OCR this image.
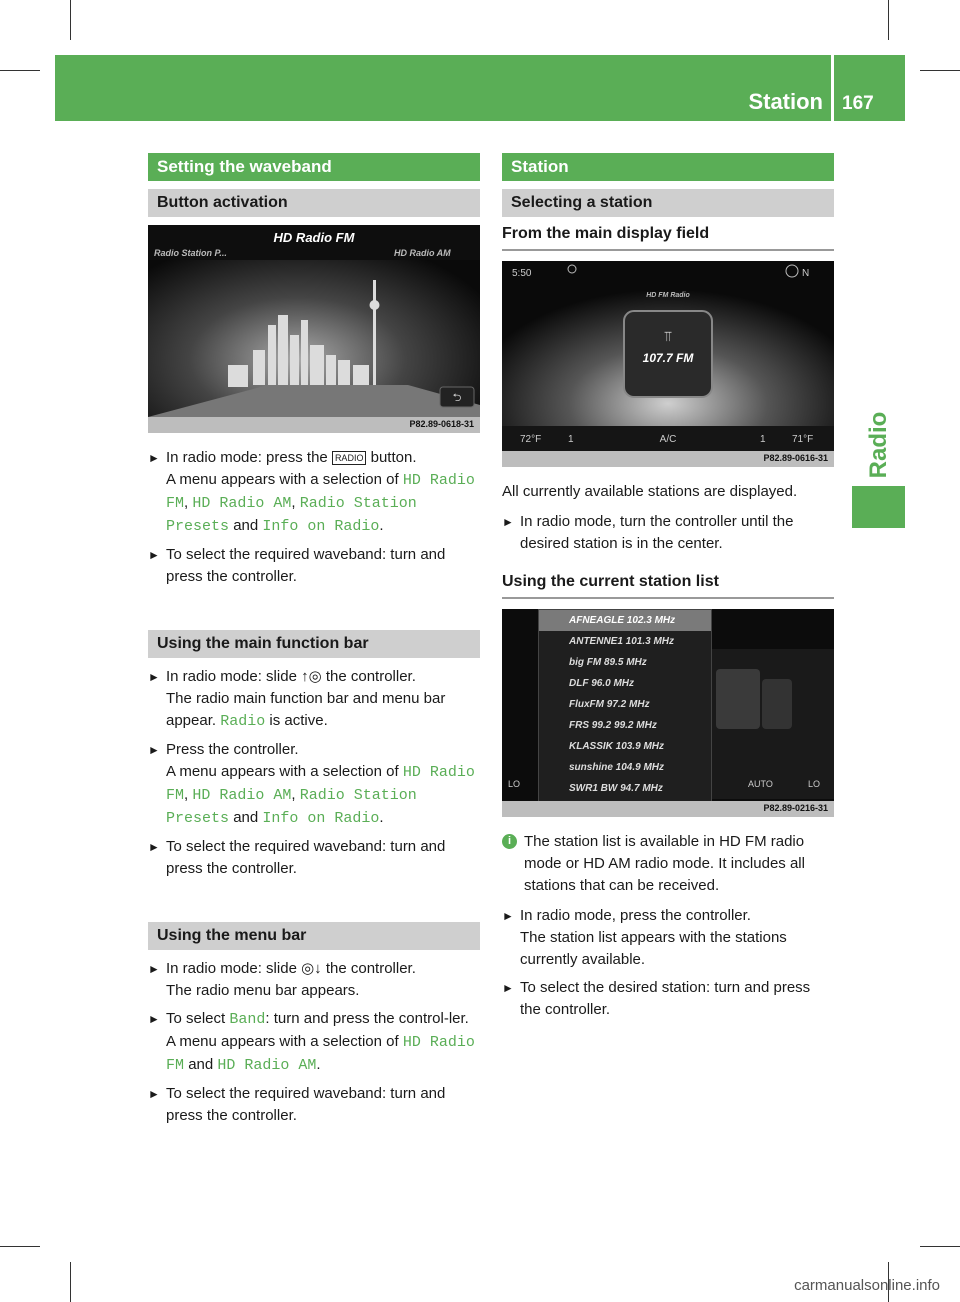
Station 167
Radio
Setting the waveband
Button activation
⮌
HD Radio FM
Radio Station P...	HD Radio AM
P82.89-0618-31
► In radio mode: press the RADIO button.
A menu appears with a selection of HD Radio FM, HD Radio AM, Radio Station Presets and Info on Radio.
► To select the required waveband: turn and press the controller.
Using the main function bar
► In radio mode: slide ↑◎ the controller.
The radio main function bar and menu bar appear. Radio is active.
► Press the controller.
A menu appears with a selection of HD Radio FM, HD Radio AM, Radio Station Presets and Info on Radio.
► To select the required waveband: turn and press the controller.
Using the menu bar
► In radio mode: slide ◎↓ the controller.
The radio menu bar appears.
► To select Band: turn and press the control-ler.
A menu appears with a selection of HD Radio FM and HD Radio AM.
► To select the required waveband: turn and press the controller.
Station
Selecting a station
From the main display field
⫪
5:50	N
HD FM Radio
107.7 FM
72°F	1	A/C	1	71°F
P82.89-0616-31
All currently available stations are displayed.
► In radio mode, turn the controller until the desired station is in the center.
Using the current station list
AFNEAGLE 102.3 MHz
ANTENNE1 101.3 MHz
big FM 89.5 MHz
DLF 96.0 MHz
FluxFM 97.2 MHz
FRS 99.2 99.2 MHz
KLASSIK 103.9 MHz
sunshine 104.9 MHz
SWR1 BW 94.7 MHz
LO	AUTO	LO
P82.89-0216-31
i The station list is available in HD FM radio mode or HD AM radio mode. It includes all stations that can be received.
► In radio mode, press the controller.
The station list appears with the stations currently available.
► To select the desired station: turn and press the controller.
carmanualsonline.info
